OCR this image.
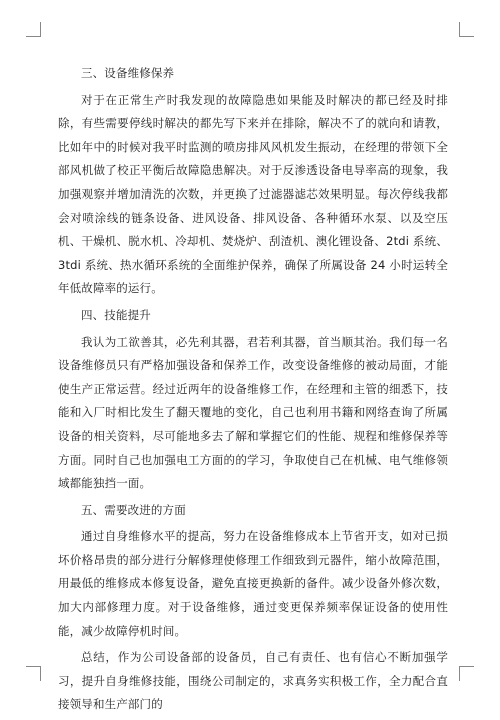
三、设备维修保养

对于在正常生产时我发现的故障隐患如果能及时解决的都已经及时排除，有些需要停线时解决的都先写下来并在排除，解决不了的就向和请教，比如年中的时候对我平时监测的喷房排风风机发生振动，在经理的带领下全部风机做了校正平衡后故障隐患解决。对于反渗透设备电导率高的现象，我加强观察并增加清洗的次数，并更换了过滤器滤芯效果明显。每次停线我都会对喷涂线的链条设备、进风设备、排风设备、各种循环水泵、以及空压机、干燥机、脱水机、冷却机、焚烧炉、刮渣机、澳化锂设备、2tdi 系统、 3tdi 系统、热水循环系统的全面维护保养，确保了所属设备 24 小时运转全年低故障率的运行。

四、技能提升

我认为工欲善其，必先利其器，君若利其器，首当顺其治。我们每一名设备维修员只有严格加强设备和保养工作，改变设备维修的被动局面，才能使生产正常运营。经过近两年的设备维修工作，在经理和主管的细悉下，技能和入厂时相比发生了翻天覆地的变化，自己也利用书籍和网络查询了所属设备的相关资料，尽可能地多去了解和掌握它们的性能、规程和维修保养等方面。同时自己也加强电工方面的的学习，争取使自己在机械、电气维修领域都能独挡一面。

五、需要改进的方面

通过自身维修水平的提高，努力在设备维修成本上节省开支，如对已损坏价格昂贵的部分进行分解修理使修理工作细致到元器件，缩小故障范围，用最低的维修成本修复设备，避免直接更换新的备件。减少设备外修次数，加大内部修理力度。对于设备维修，通过变更保养频率保证设备的使用性能，减少故障停机时间。

总结，作为公司设备部的设备员，自己有责任、也有信心不断加强学习，提升自身维修技能，围绕公司制定的，求真务实积极工作，全力配合直接领导和生产部门的
